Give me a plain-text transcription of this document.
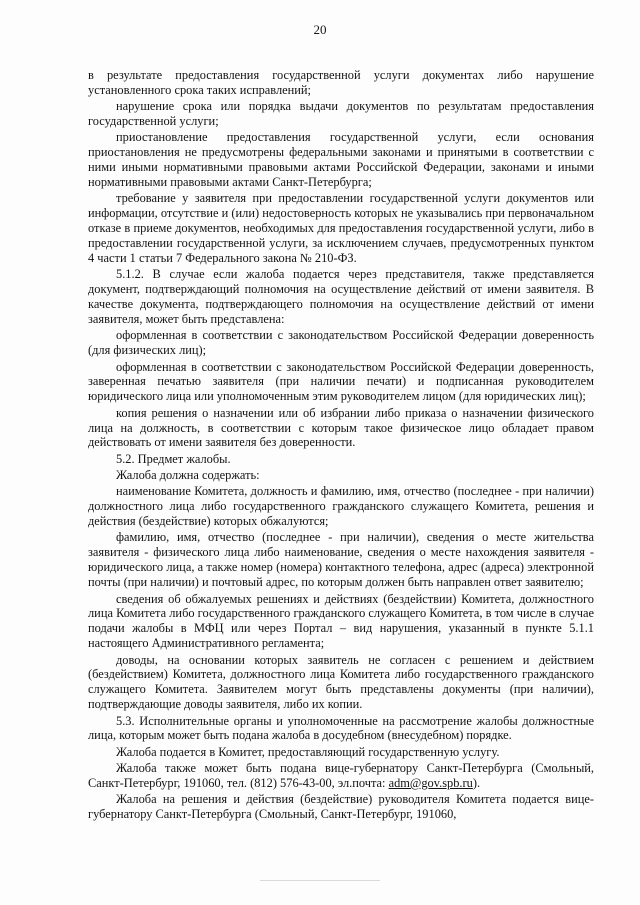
20

в результате предоставления государственной услуги документах либо нарушение установленного срока таких исправлений;

нарушение срока или порядка выдачи документов по результатам предоставления государственной услуги;

приостановление предоставления государственной услуги, если основания приостановления не предусмотрены федеральными законами и принятыми в соответствии с ними иными нормативными правовыми актами Российской Федерации, законами и иными нормативными правовыми актами Санкт-Петербурга;

требование у заявителя при предоставлении государственной услуги документов или информации, отсутствие и (или) недостоверность которых не указывались при первоначальном отказе в приеме документов, необходимых для предоставления государственной услуги, либо в предоставлении государственной услуги, за исключением случаев, предусмотренных пунктом 4 части 1 статьи 7 Федерального закона № 210-ФЗ.

5.1.2. В случае если жалоба подается через представителя, также представляется документ, подтверждающий полномочия на осуществление действий от имени заявителя. В качестве документа, подтверждающего полномочия на осуществление действий от имени заявителя, может быть представлена:

оформленная в соответствии с законодательством Российской Федерации доверенность (для физических лиц);

оформленная в соответствии с законодательством Российской Федерации доверенность, заверенная печатью заявителя (при наличии печати) и подписанная руководителем юридического лица или уполномоченным этим руководителем лицом (для юридических лиц);

копия решения о назначении или об избрании либо приказа о назначении физического лица на должность, в соответствии с которым такое физическое лицо обладает правом действовать от имени заявителя без доверенности.

5.2. Предмет жалобы.

Жалоба должна содержать:

наименование Комитета, должность и фамилию, имя, отчество (последнее - при наличии) должностного лица либо государственного гражданского служащего Комитета, решения и действия (бездействие) которых обжалуются;

фамилию, имя, отчество (последнее - при наличии), сведения о месте жительства заявителя - физического лица либо наименование, сведения о месте нахождения заявителя - юридического лица, а также номер (номера) контактного телефона, адрес (адреса) электронной почты (при наличии) и почтовый адрес, по которым должен быть направлен ответ заявителю;

сведения об обжалуемых решениях и действиях (бездействии) Комитета, должностного лица Комитета либо государственного гражданского служащего Комитета, в том числе в случае подачи жалобы в МФЦ или через Портал – вид нарушения, указанный в пункте 5.1.1 настоящего Административного регламента;

доводы, на основании которых заявитель не согласен с решением и действием (бездействием) Комитета, должностного лица Комитета либо государственного гражданского служащего Комитета. Заявителем могут быть представлены документы (при наличии), подтверждающие доводы заявителя, либо их копии.

5.3. Исполнительные органы и уполномоченные на рассмотрение жалобы должностные лица, которым может быть подана жалоба в досудебном (внесудебном) порядке.

Жалоба подается в Комитет, предоставляющий государственную услугу.

Жалоба также может быть подана вице-губернатору Санкт-Петербурга (Смольный, Санкт-Петербург, 191060, тел. (812) 576-43-00, эл.почта: adm@gov.spb.ru).

Жалоба на решения и действия (бездействие) руководителя Комитета подается вице-губернатору Санкт-Петербурга (Смольный, Санкт-Петербург, 191060,
